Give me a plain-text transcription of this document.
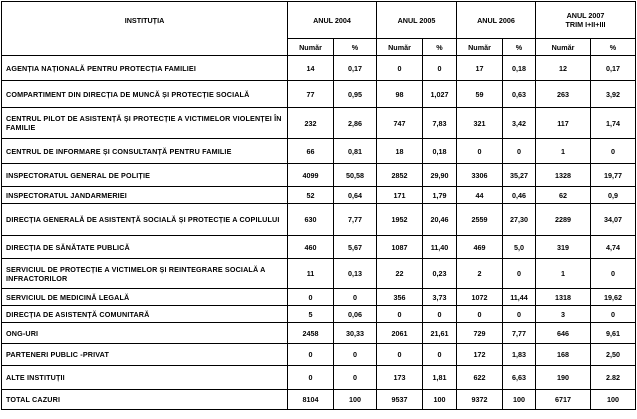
INSTITUȚIA	ANUL 2004		ANUL 2005		ANUL 2006		ANUL 2007
TRIM I+II+III	

	Număr	%	Număr	%	Număr	%	Număr	%
AGENȚIA NAȚIONALĂ PENTRU PROTECȚIA FAMILIEI	14	0,17	0	0	17	0,18	12	0,17
COMPARTIMENT DIN DIRECȚIA DE MUNCĂ ȘI PROTECȚIE SOCIALĂ	77	0,95	98	1,027	59	0,63	263	3,92
CENTRUL PILOT DE ASISTENȚĂ ȘI PROTECȚIE A VICTIMELOR VIOLENȚEI ÎN FAMILIE	232	2,86	747	7,83	321	3,42	117	1,74
CENTRUL DE INFORMARE ȘI CONSULTANȚĂ PENTRU FAMILIE	66	0,81	18	0,18	0	0	1	0
INSPECTORATUL GENERAL DE POLIȚIE	4099	50,58	2852	29,90	3306	35,27	1328	19,77
INSPECTORATUL JANDARMERIEI	52	0,64	171	1,79	44	0,46	62	0,9
DIRECȚIA GENERALĂ DE ASISTENȚĂ SOCIALĂ ȘI PROTECȚIE A COPILULUI	630	7,77	1952	20,46	2559	27,30	2289	34,07
DIRECȚIA DE SĂNĂTATE PUBLICĂ	460	5,67	1087	11,40	469	5,0	319	4,74
SERVICIUL DE PROTECȚIE A VICTIMELOR ȘI REINTEGRARE SOCIALĂ A INFRACTORILOR	11	0,13	22	0,23	2	0	1	0
SERVICIUL DE MEDICINĂ LEGALĂ	0	0	356	3,73	1072	11,44	1318	19,62
DIRECȚIA DE ASISTENȚĂ COMUNITARĂ	5	0,06	0	0	0	0	3	0
ONG-URI	2458	30,33	2061	21,61	729	7,77	646	9,61
PARTENERI PUBLIC -PRIVAT	0	0	0	0	172	1,83	168	2,50
ALTE INSTITUȚII	0	0	173	1,81	622	6,63	190	2.82
TOTAL CAZURI	8104	100	9537	100	9372	100	6717	100
